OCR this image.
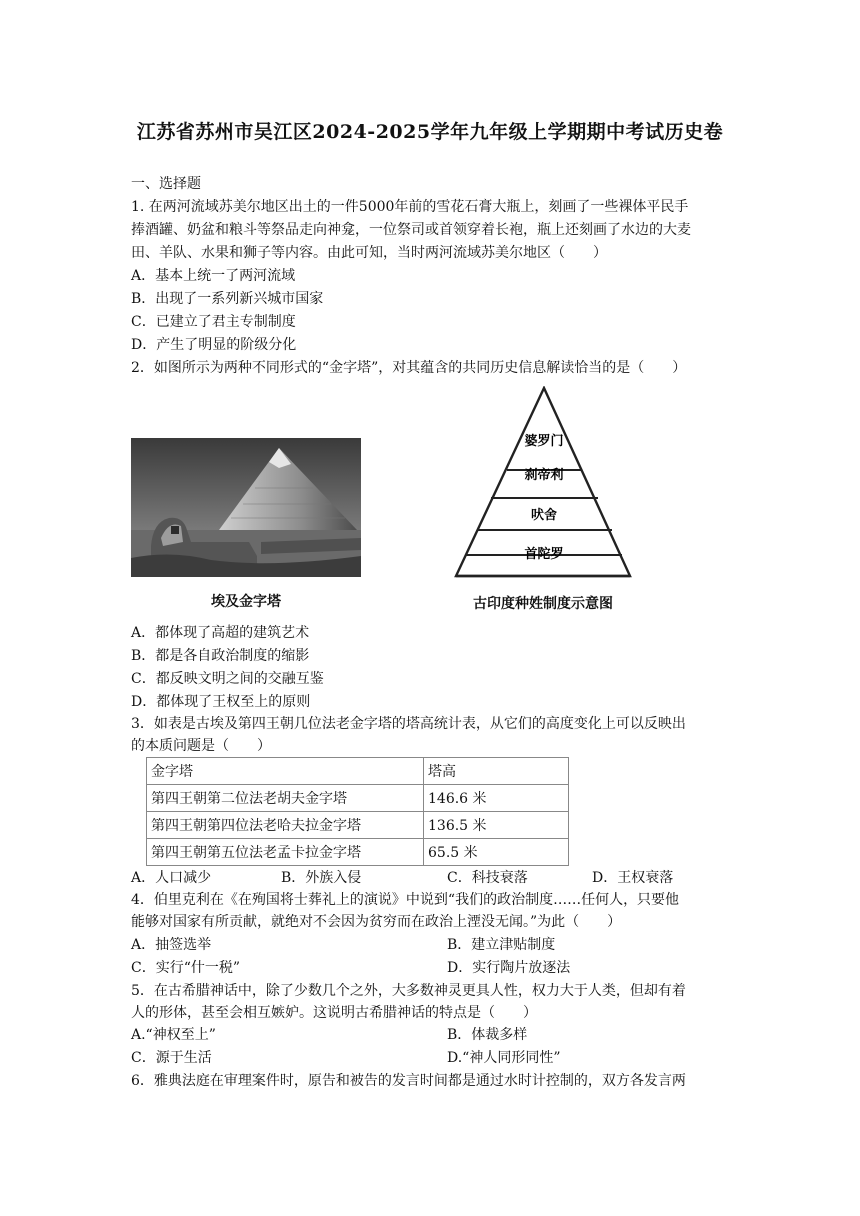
江苏省苏州市吴江区2024-2025学年九年级上学期期中考试历史卷
一、选择题
1. 在两河流域苏美尔地区出土的一件5000年前的雪花石膏大瓶上，刻画了一些裸体平民手
捧酒罐、奶盆和粮斗等祭品走向神龛，一位祭司或首领穿着长袍，瓶上还刻画了水边的大麦
田、羊队、水果和狮子等内容。由此可知，当时两河流域苏美尔地区（　　）
A．基本上统一了两河流域
B．出现了一系列新兴城市国家
C．已建立了君主专制制度
D．产生了明显的阶级分化
2．如图所示为两种不同形式的“金字塔”，对其蕴含的共同历史信息解读恰当的是（　　）
埃及金字塔
婆罗门
刹帝利
吠舍
首陀罗
古印度种姓制度示意图
A．都体现了高超的建筑艺术
B．都是各自政治制度的缩影
C．都反映文明之间的交融互鉴
D．都体现了王权至上的原则
3．如表是古埃及第四王朝几位法老金字塔的塔高统计表，从它们的高度变化上可以反映出
的本质问题是（　　）
金字塔	塔高
第四王朝第二位法老胡夫金字塔	146.6 米
第四王朝第四位法老哈夫拉金字塔	136.5 米
第四王朝第五位法老孟卡拉金字塔	65.5 米
A．人口减少	B．外族入侵	C．科技衰落	D．王权衰落
4．伯里克利在《在殉国将士葬礼上的演说》中说到“我们的政治制度……任何人，只要他
能够对国家有所贡献，就绝对不会因为贫穷而在政治上湮没无闻。”为此（　　）
A．抽签选举	B．建立津贴制度
C．实行“什一税”	D．实行陶片放逐法
5．在古希腊神话中，除了少数几个之外，大多数神灵更具人性，权力大于人类，但却有着
人的形体，甚至会相互嫉妒。这说明古希腊神话的特点是（　　）
A.“神权至上”	B．体裁多样
C．源于生活	D.“神人同形同性”
6．雅典法庭在审理案件时，原告和被告的发言时间都是通过水时计控制的，双方各发言两
